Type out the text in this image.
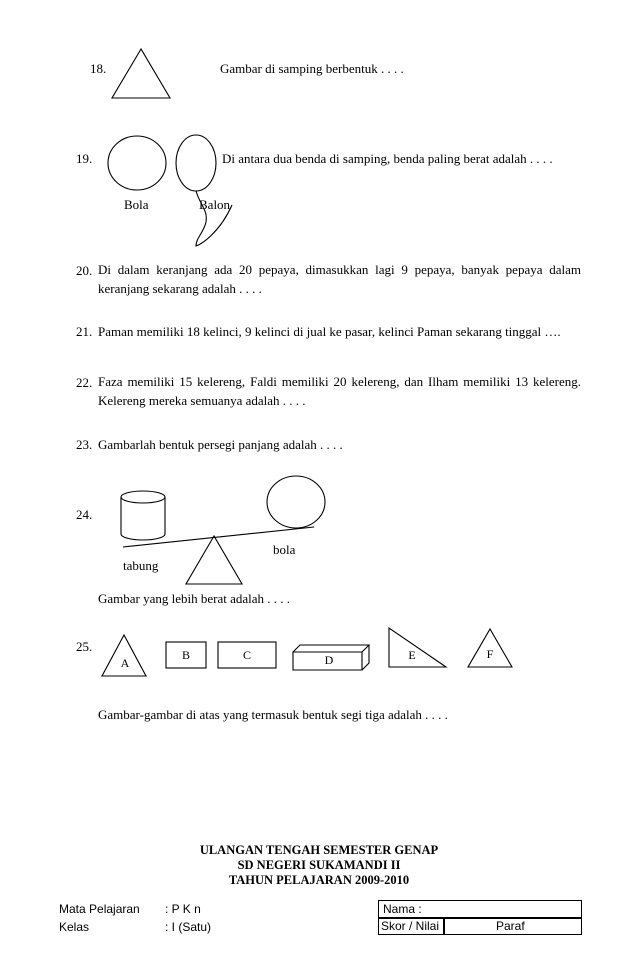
18.	Gambar di samping berbentuk . . . .
19.	Di antara dua benda di samping, benda paling berat adalah . . . .
Bola	Balon
20. Di dalam keranjang ada 20 pepaya, dimasukkan lagi 9 pepaya, banyak pepaya dalam keranjang sekarang adalah . . . .
21. Paman memiliki 18 kelinci, 9 kelinci di jual ke pasar, kelinci Paman sekarang tinggal ….
22. Faza memiliki 15 kelereng, Faldi memiliki 20 kelereng, dan Ilham memiliki 13 kelereng. Kelereng mereka semuanya adalah . . . .
23. Gambarlah bentuk persegi panjang adalah . . . .
24.
tabung
bola
Gambar yang lebih berat adalah . . . .
25.
A
B	C	D	E	F
Gambar-gambar di atas yang termasuk bentuk segi tiga adalah . . . .
ULANGAN TENGAH SEMESTER GENAP
SD NEGERI SUKAMANDI II
TAHUN PELAJARAN 2009-2010
Mata Pelajaran : P K n
Kelas	: I (Satu)
Nama :
Skor / Nilai	Paraf
